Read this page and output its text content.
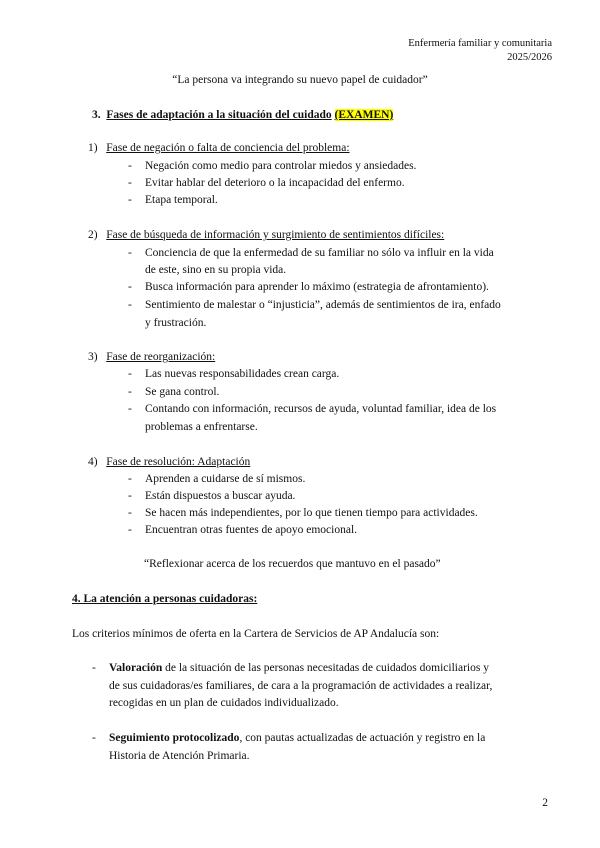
Enfermería familiar y comunitaria
2025/2026
“La persona va integrando su nuevo papel de cuidador”
3. Fases de adaptación a la situación del cuidado (EXAMEN)
1) Fase de negación o falta de conciencia del problema:
- Negación como medio para controlar miedos y ansiedades.
- Evitar hablar del deterioro o la incapacidad del enfermo.
- Etapa temporal.
2) Fase de búsqueda de información y surgimiento de sentimientos difíciles:
- Conciencia de que la enfermedad de su familiar no sólo va influir en la vida
de este, sino en su propia vida.
- Busca información para aprender lo máximo (estrategia de afrontamiento).
- Sentimiento de malestar o “injusticia”, además de sentimientos de ira, enfado
y frustración.
3) Fase de reorganización:
- Las nuevas responsabilidades crean carga.
- Se gana control.
- Contando con información, recursos de ayuda, voluntad familiar, idea de los
problemas a enfrentarse.
4) Fase de resolución: Adaptación
- Aprenden a cuidarse de sí mismos.
- Están dispuestos a buscar ayuda.
- Se hacen más independientes, por lo que tienen tiempo para actividades.
- Encuentran otras fuentes de apoyo emocional.
“Reflexionar acerca de los recuerdos que mantuvo en el pasado”
4. La atención a personas cuidadoras:
Los criterios mínimos de oferta en la Cartera de Servicios de AP Andalucía son:
- Valoración de la situación de las personas necesitadas de cuidados domiciliarios y
de sus cuidadoras/es familiares, de cara a la programación de actividades a realizar,
recogidas en un plan de cuidados individualizado.
- Seguimiento protocolizado, con pautas actualizadas de actuación y registro en la
Historia de Atención Primaria.
2
